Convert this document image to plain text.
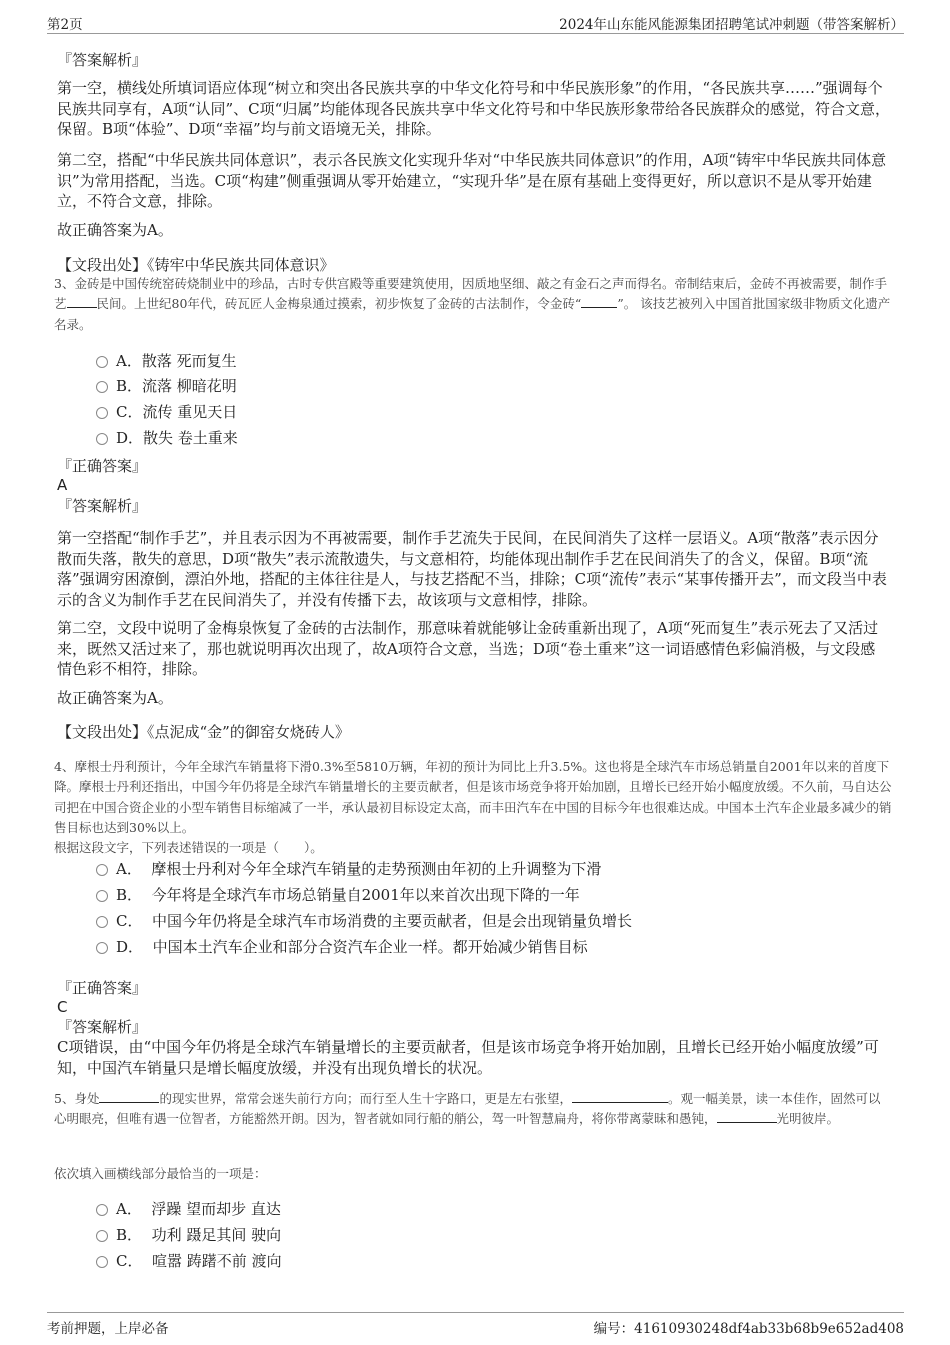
第2页	2024年山东能风能源集团招聘笔试冲刺题（带答案解析）
『答案解析』

第一空，横线处所填词语应体现“树立和突出各民族共享的中华文化符号和中华民族形象”的作用，“各民族共享……”强调每个民族共同享有，A项“认同”、C项“归属”均能体现各民族共享中华文化符号和中华民族形象带给各民族群众的感觉，符合文意，保留。B项“体验”、D项“幸福”均与前文语境无关，排除。

第二空，搭配“中华民族共同体意识”，表示各民族文化实现升华对“中华民族共同体意识”的作用，A项“铸牢中华民族共同体意识”为常用搭配，当选。C项“构建”侧重强调从零开始建立，“实现升华”是在原有基础上变得更好，所以意识不是从零开始建立，不符合文意，排除。

故正确答案为A。
【文段出处】《铸牢中华民族共同体意识》
3、金砖是中国传统窑砖烧制业中的珍品，古时专供宫殿等重要建筑使用，因质地坚细、敲之有金石之声而得名。帝制结束后，金砖不再被需要，制作手艺 民间。上世纪80年代，砖瓦匠人金梅泉通过摸索，初步恢复了金砖的古法制作，令金砖“	”。 该技艺被列入中国首批国家级非物质文化遗产名录。
A．散落 死而复生
B．流落 柳暗花明
C．流传 重见天日
D．散失 卷土重来
『正确答案』
A
『答案解析』

第一空搭配“制作手艺”，并且表示因为不再被需要，制作手艺流失于民间，在民间消失了这样一层语义。A项“散落”表示因分散而失落，散失的意思，D项“散失”表示流散遗失，与文意相符，均能体现出制作手艺在民间消失了的含义，保留。B项“流落”强调穷困潦倒，漂泊外地，搭配的主体往往是人，与技艺搭配不当，排除；C项“流传”表示“某事传播开去”，而文段当中表示的含义为制作手艺在民间消失了，并没有传播下去，故该项与文意相悖，排除。

第二空，文段中说明了金梅泉恢复了金砖的古法制作，那意味着就能够让金砖重新出现了，A项“死而复生”表示死去了又活过来，既然又活过来了，那也就说明再次出现了，故A项符合文意，当选；D项“卷土重来”这一词语感情色彩偏消极，与文段感情色彩不相符，排除。

故正确答案为A。
【文段出处】《点泥成“金”的御窑女烧砖人》

4、摩根士丹利预计，今年全球汽车销量将下滑0.3%至5810万辆，年初的预计为同比上升3.5%。这也将是全球汽车市场总销量自2001年以来的首度下降。摩根士丹利还指出，中国今年仍将是全球汽车销量增长的主要贡献者，但是该市场竞争将开始加剧，且增长已经开始小幅度放缓。不久前，马自达公司把在中国合资企业的小型车销售目标缩减了一半，承认最初目标设定太高，而丰田汽车在中国的目标今年也很难达成。中国本土汽车企业最多减少的销售目标也达到30%以上。

根据这段文字，下列表述错误的一项是（　　）。
A． 摩根士丹利对今年全球汽车销量的走势预测由年初的上升调整为下滑
B． 今年将是全球汽车市场总销量自2001年以来首次出现下降的一年
C． 中国今年仍将是全球汽车市场消费的主要贡献者，但是会出现销量负增长
D． 中国本土汽车企业和部分合资汽车企业一样。都开始减少销售目标
『正确答案』
C
『答案解析』

C项错误，由“中国今年仍将是全球汽车销量增长的主要贡献者，但是该市场竞争将开始加剧，且增长已经开始小幅度放缓”可知，中国汽车销量只是增长幅度放缓，并没有出现负增长的状况。

5、身处	的现实世界，常常会迷失前行方向；而行至人生十字路口，更是左右张望，	。观一幅美景，读一本佳作，固然可以心明眼亮，但唯有遇一位智者，方能豁然开朗。因为，智者就如同行船的艄公，驾一叶智慧扁舟，将你带离蒙昧和愚钝，	光明彼岸。
依次填入画横线部分最恰当的一项是：
A． 浮躁 望而却步 直达
B． 功利 蹑足其间 驶向
C． 喧嚣 踌躇不前 渡向
考前押题，上岸必备	编号：41610930248df4ab33b68b9e652ad408
